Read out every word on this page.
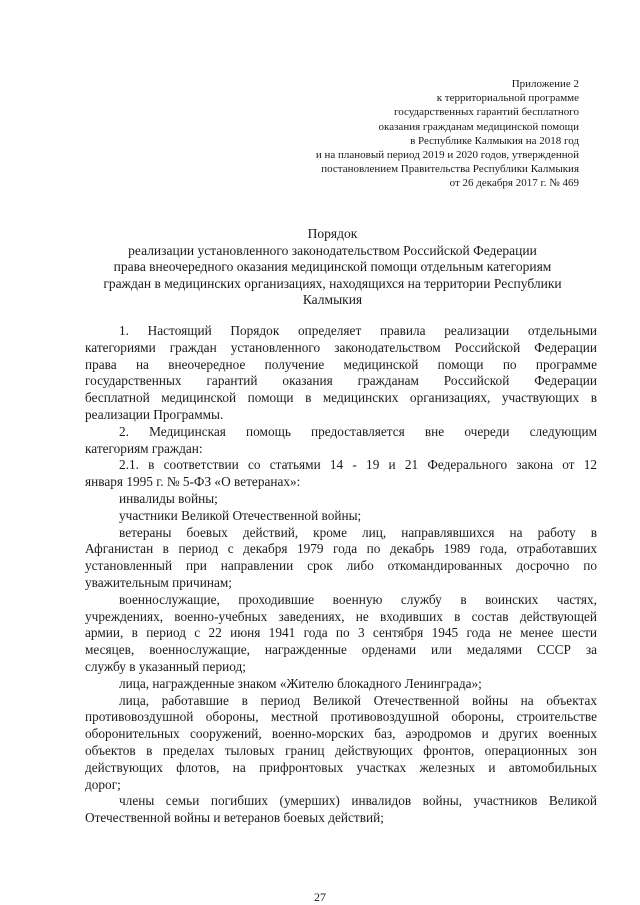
Приложение 2
к территориальной программе
государственных гарантий бесплатного
оказания гражданам медицинской помощи
в Республике Калмыкия на 2018 год
и на плановый период 2019 и 2020 годов, утвержденной
постановлением Правительства Республики Калмыкия
от 26 декабря 2017 г. № 469
Порядок
реализации установленного законодательством Российской Федерации
права внеочередного оказания медицинской помощи отдельным категориям
граждан в медицинских организациях, находящихся на территории Республики
Калмыкия
1. Настоящий Порядок определяет правила реализации отдельными
категориями граждан установленного законодательством Российской Федерации
права на внеочередное получение медицинской помощи по программе
государственных гарантий оказания гражданам Российской Федерации
бесплатной медицинской помощи в медицинских организациях, участвующих в
реализации Программы.
2. Медицинская помощь предоставляется вне очереди следующим
категориям граждан:
2.1. в соответствии со статьями 14 - 19 и 21 Федерального закона от 12
января 1995 г. № 5-ФЗ «О ветеранах»:
инвалиды войны;
участники Великой Отечественной войны;
ветераны боевых действий, кроме лиц, направлявшихся на работу в
Афганистан в период с декабря 1979 года по декабрь 1989 года, отработавших
установленный при направлении срок либо откомандированных досрочно по
уважительным причинам;
военнослужащие, проходившие военную службу в воинских частях,
учреждениях, военно-учебных заведениях, не входивших в состав действующей
армии, в период с 22 июня 1941 года по 3 сентября 1945 года не менее шести
месяцев, военнослужащие, награжденные орденами или медалями СССР за
службу в указанный период;
лица, награжденные знаком «Жителю блокадного Ленинграда»;
лица, работавшие в период Великой Отечественной войны на объектах
противовоздушной обороны, местной противовоздушной обороны, строительстве
оборонительных сооружений, военно-морских баз, аэродромов и других военных
объектов в пределах тыловых границ действующих фронтов, операционных зон
действующих флотов, на прифронтовых участках железных и автомобильных
дорог;
члены семьи погибших (умерших) инвалидов войны, участников Великой
Отечественной войны и ветеранов боевых действий;
27
